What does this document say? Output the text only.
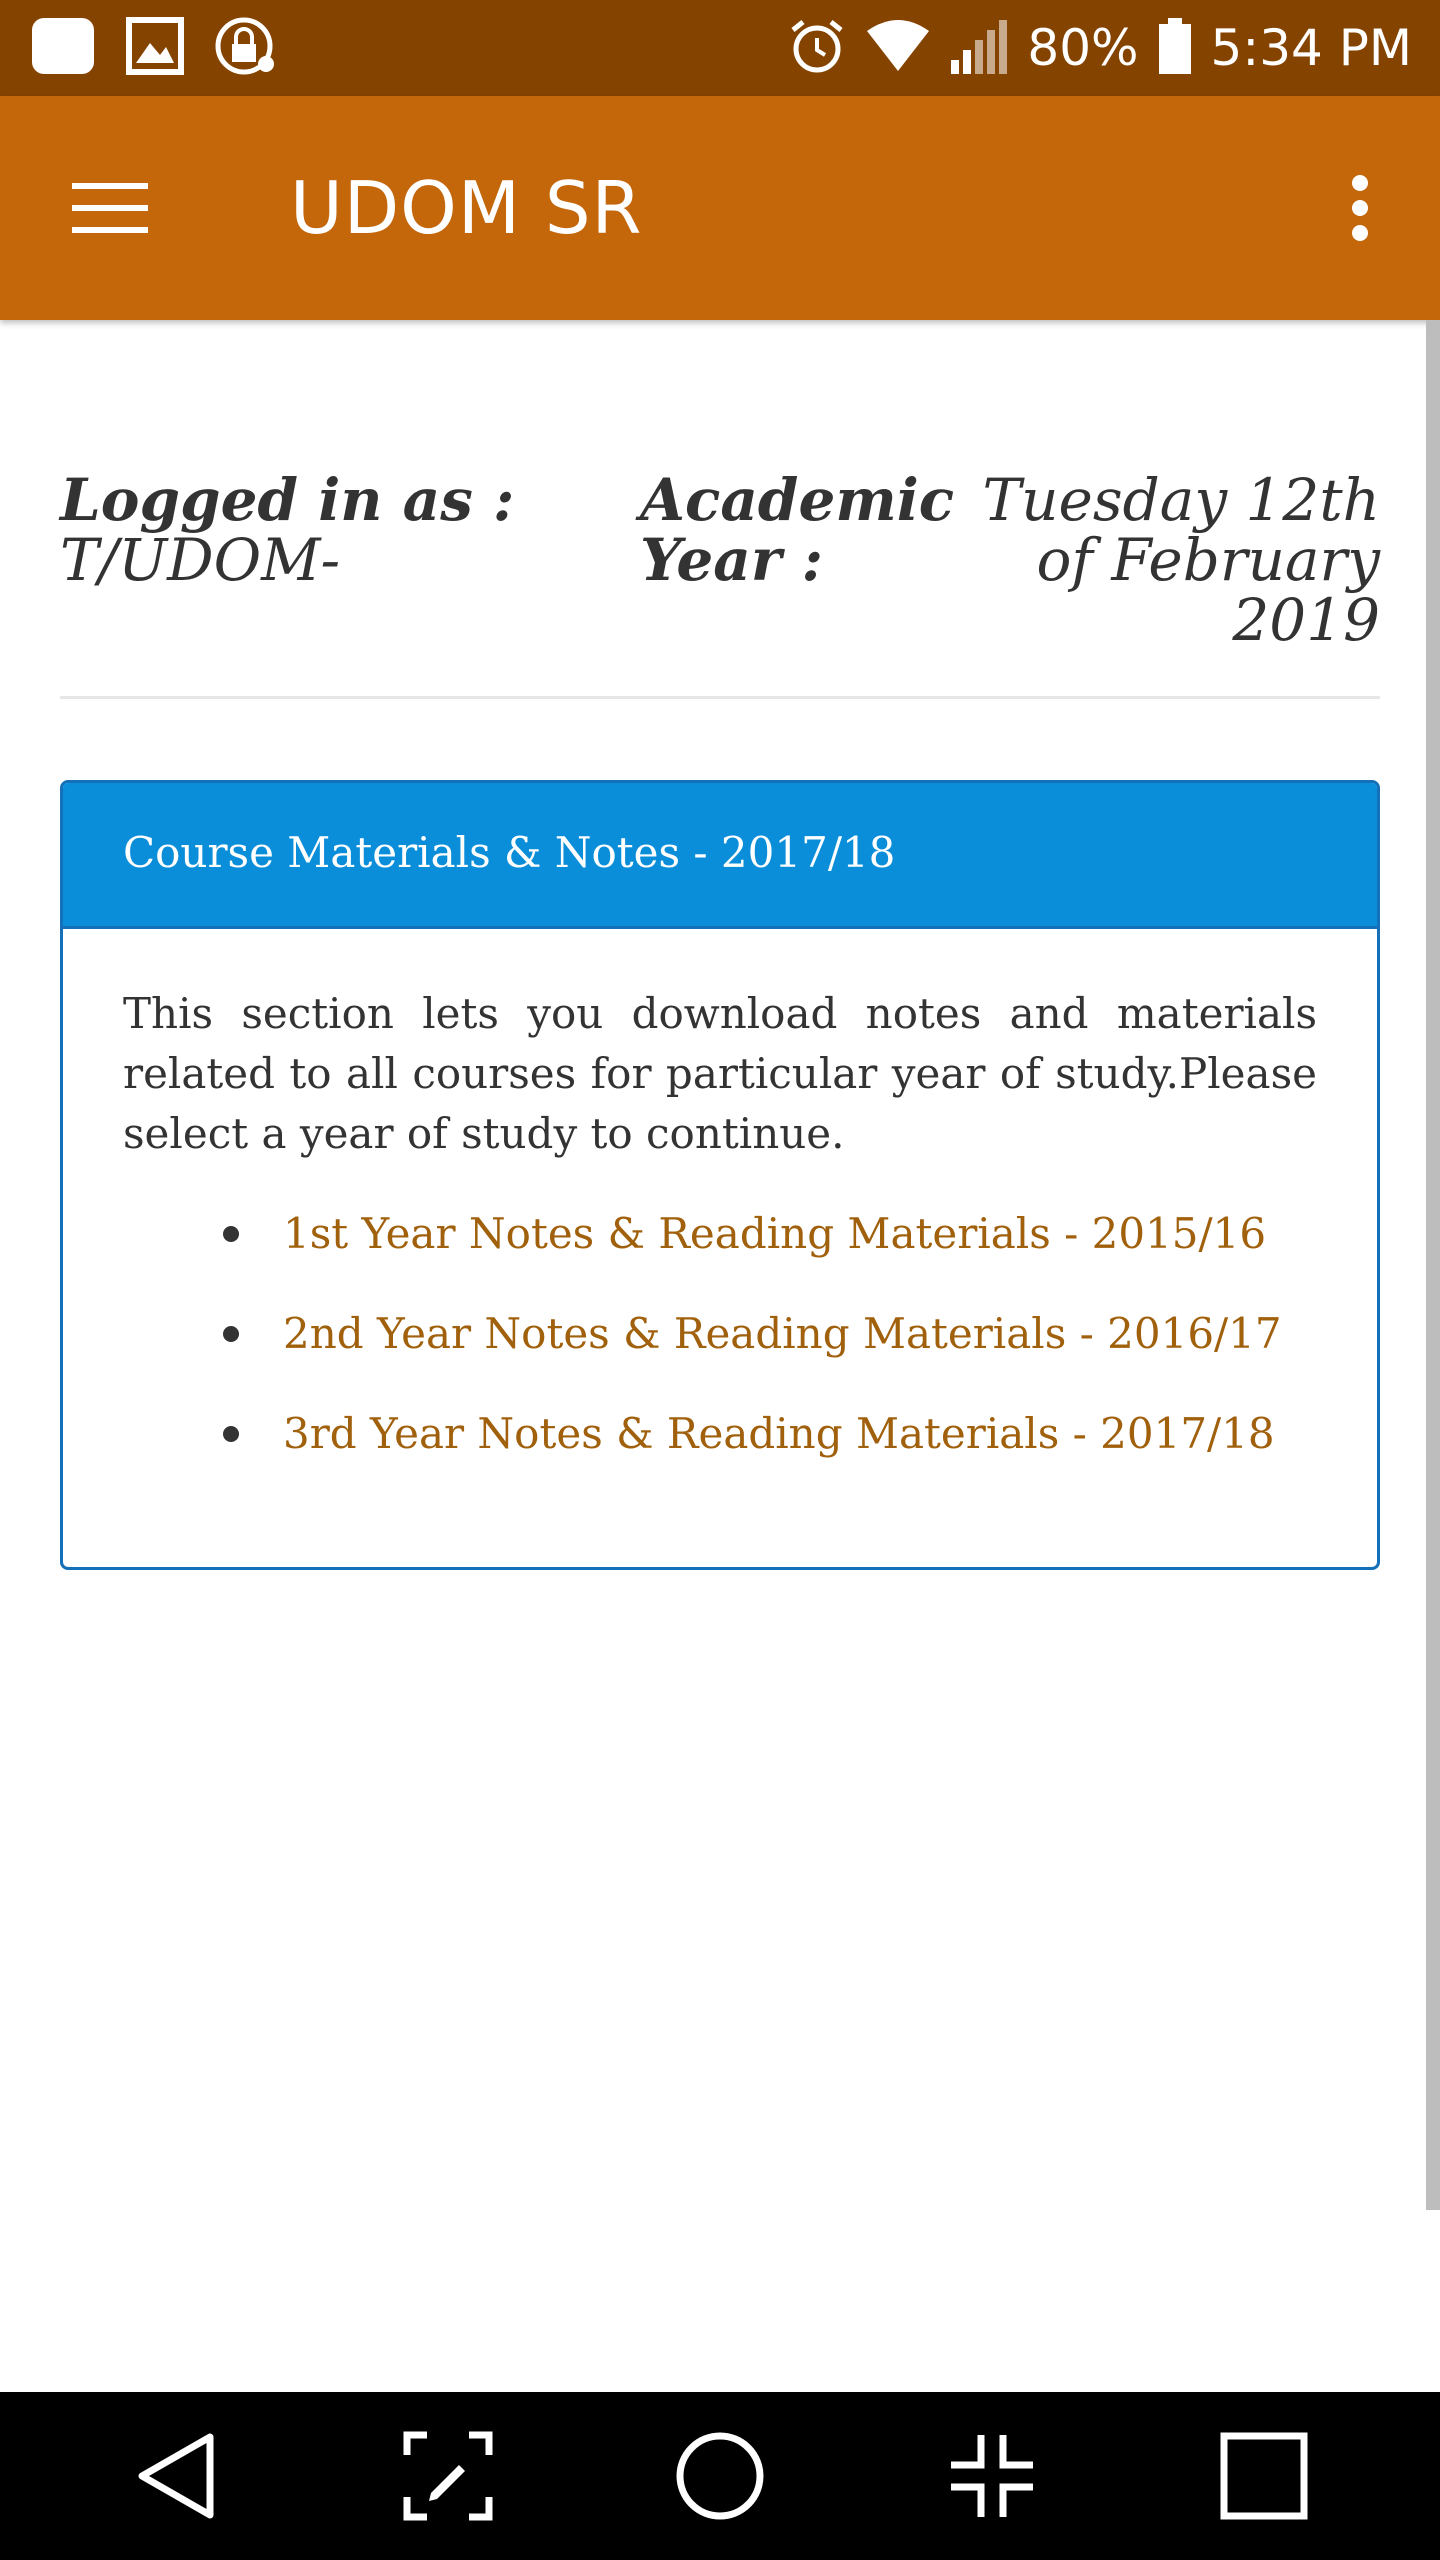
80% 5:34 PM
UDOM SR
Logged in as :
T/UDOM-
Academic
Year :
Tuesday 12th
of February
2019
Course Materials & Notes - 2017/18

This section lets you download notes and materials related to all courses for particular year of study.Please select a year of study to continue.

1st Year Notes & Reading Materials - 2015/16
2nd Year Notes & Reading Materials - 2016/17
3rd Year Notes & Reading Materials - 2017/18
